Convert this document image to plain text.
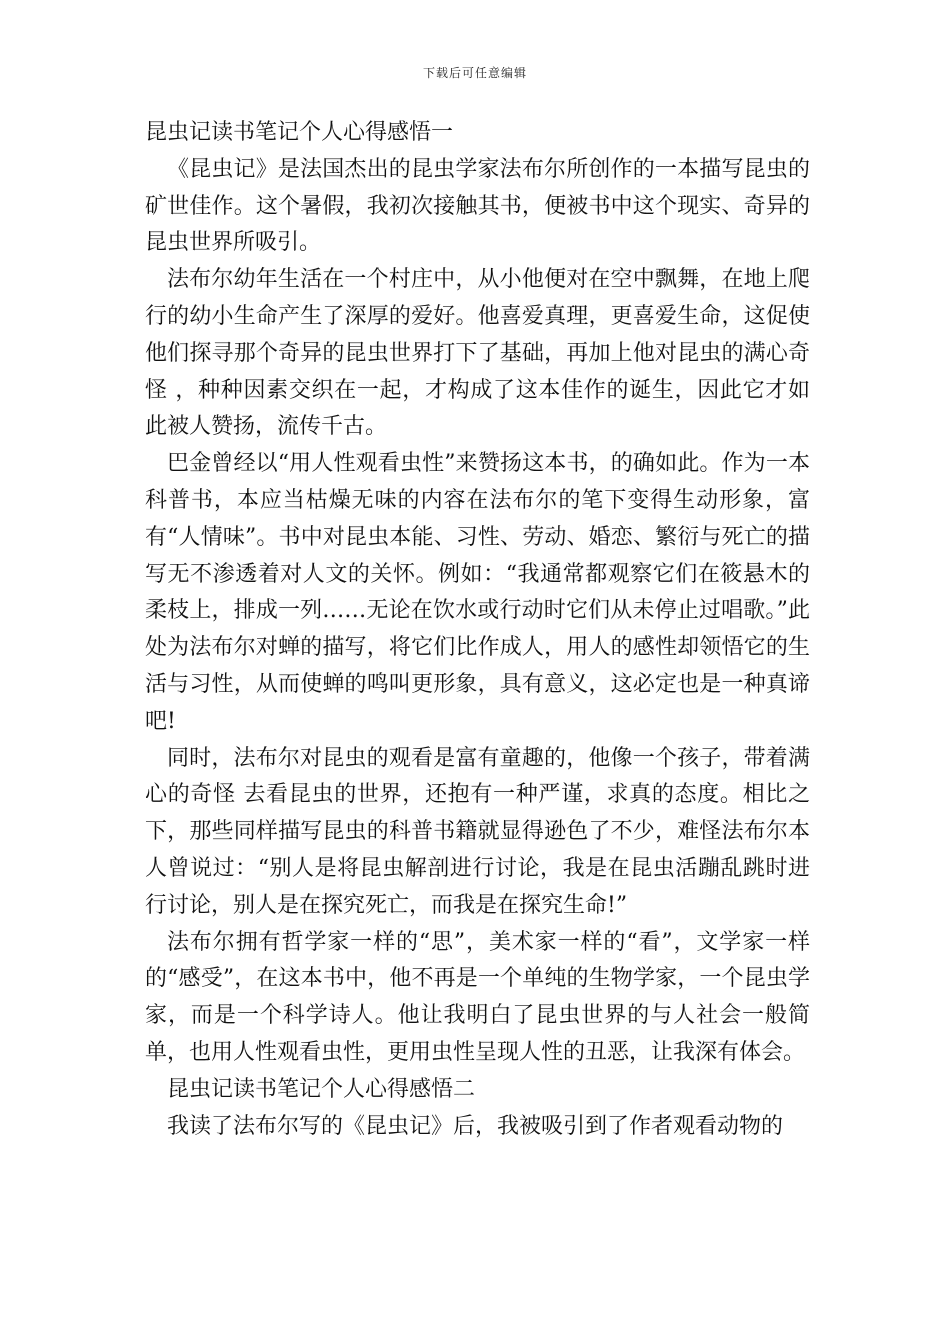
下载后可任意编辑

昆虫记读书笔记个人心得感悟一

《昆虫记》是法国杰出的昆虫学家法布尔所创作的一本描写昆虫的矿世佳作。这个暑假，我初次接触其书，便被书中这个现实、奇异的昆虫世界所吸引。

法布尔幼年生活在一个村庄中，从小他便对在空中飘舞，在地上爬行的幼小生命产生了深厚的爱好。他喜爱真理，更喜爱生命，这促使他们探寻那个奇异的昆虫世界打下了基础，再加上他对昆虫的满心奇怪 ，种种因素交织在一起，才构成了这本佳作的诞生，因此它才如此被人赞扬，流传千古。

巴金曾经以“用人性观看虫性”来赞扬这本书，的确如此。作为一本科普书，本应当枯燥无味的内容在法布尔的笔下变得生动形象，富有“人情味”。书中对昆虫本能、习性、劳动、婚恋、繁衍与死亡的描写无不渗透着对人文的关怀。例如：“我通常都观察它们在筱悬木的柔枝上，排成一列……无论在饮水或行动时它们从未停止过唱歌。”此处为法布尔对蝉的描写，将它们比作成人，用人的感性却领悟它的生活与习性，从而使蝉的鸣叫更形象，具有意义，这必定也是一种真谛吧!

同时，法布尔对昆虫的观看是富有童趣的，他像一个孩子，带着满心的奇怪 去看昆虫的世界，还抱有一种严谨，求真的态度。相比之下，那些同样描写昆虫的科普书籍就显得逊色了不少，难怪法布尔本人曾说过：“别人是将昆虫解剖进行讨论，我是在昆虫活蹦乱跳时进行讨论，别人是在探究死亡，而我是在探究生命!”

法布尔拥有哲学家一样的“思”，美术家一样的“看”，文学家一样的“感受”，在这本书中，他不再是一个单纯的生物学家，一个昆虫学家，而是一个科学诗人。他让我明白了昆虫世界的与人社会一般简单，也用人性观看虫性，更用虫性呈现人性的丑恶，让我深有体会。

昆虫记读书笔记个人心得感悟二

我读了法布尔写的《昆虫记》后，我被吸引到了作者观看动物的
